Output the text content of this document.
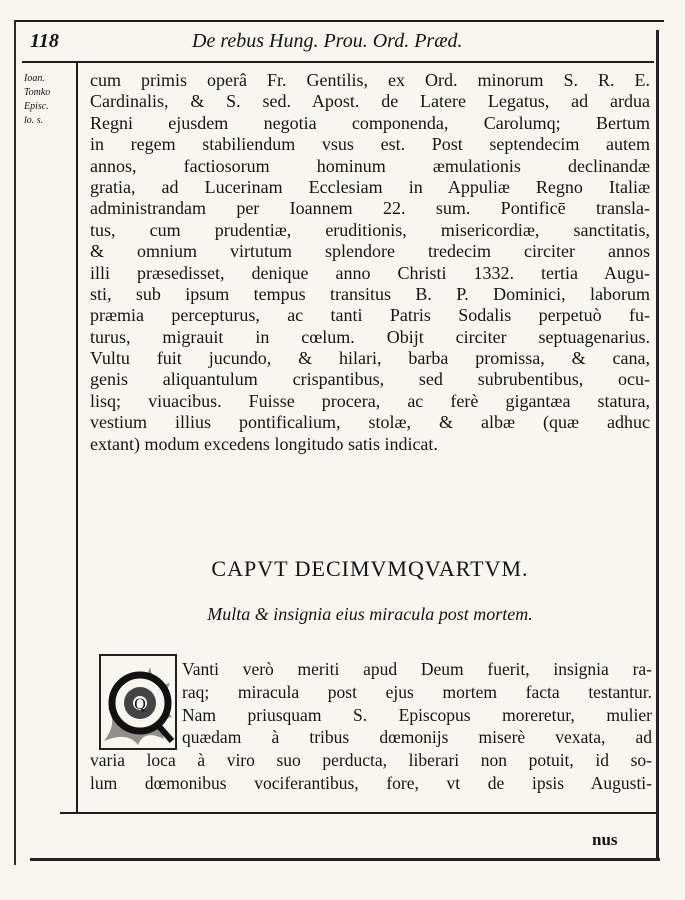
118	De rebus Hung. Prou. Ord. Præd.
Ioan.
Tomko
Episc.
lo. s.
cum primis operâ Fr. Gentilis, ex Ord. minorum S. R. E.
Cardinalis, & S. sed. Apost. de Latere Legatus, ad ardua
Regni ejusdem negotia componenda, Carolumq; Bertum
in regem stabiliendum vsus est. Post septendecim autem
annos, factiosorum hominum æmulationis declinandæ
gratia, ad Lucerinam Ecclesiam in Appuliæ Regno Italiæ
administrandam per Ioannem 22. sum. Pontificē transla-
tus, cum prudentiæ, eruditionis, misericordiæ, sanctitatis,
& omnium virtutum splendore tredecim circiter annos
illi præsedisset, denique anno Christi 1332. tertia Augu-
sti, sub ipsum tempus transitus B. P. Dominici, laborum
præmia percepturus, ac tanti Patris Sodalis perpetuò fu-
turus, migrauit in cœlum. Obijt circiter septuagenarius.
Vultu fuit jucundo, & hilari, barba promissa, & cana,
genis aliquantulum crispantibus, sed subrubentibus, ocu-
lisq; viuacibus. Fuisse procera, ac ferè gigantæa statura,
vestium illius pontificalium, stolæ, & albæ (quæ adhuc
extant) modum excedens longitudo satis indicat.
CAPVT DECIMVMQVARTVM.
Multa & insignia eius miracula post mortem.
Q
Vanti verò meriti apud Deum fuerit, insignia ra-
raq; miracula post ejus mortem facta testantur.
Nam priusquam S. Episcopus moreretur, mulier
quædam à tribus dœmonijs miserè vexata, ad
varia loca à viro suo perducta, liberari non potuit, id so-
lum dœmonibus vociferantibus, fore, vt de ipsis Augusti-
nus
